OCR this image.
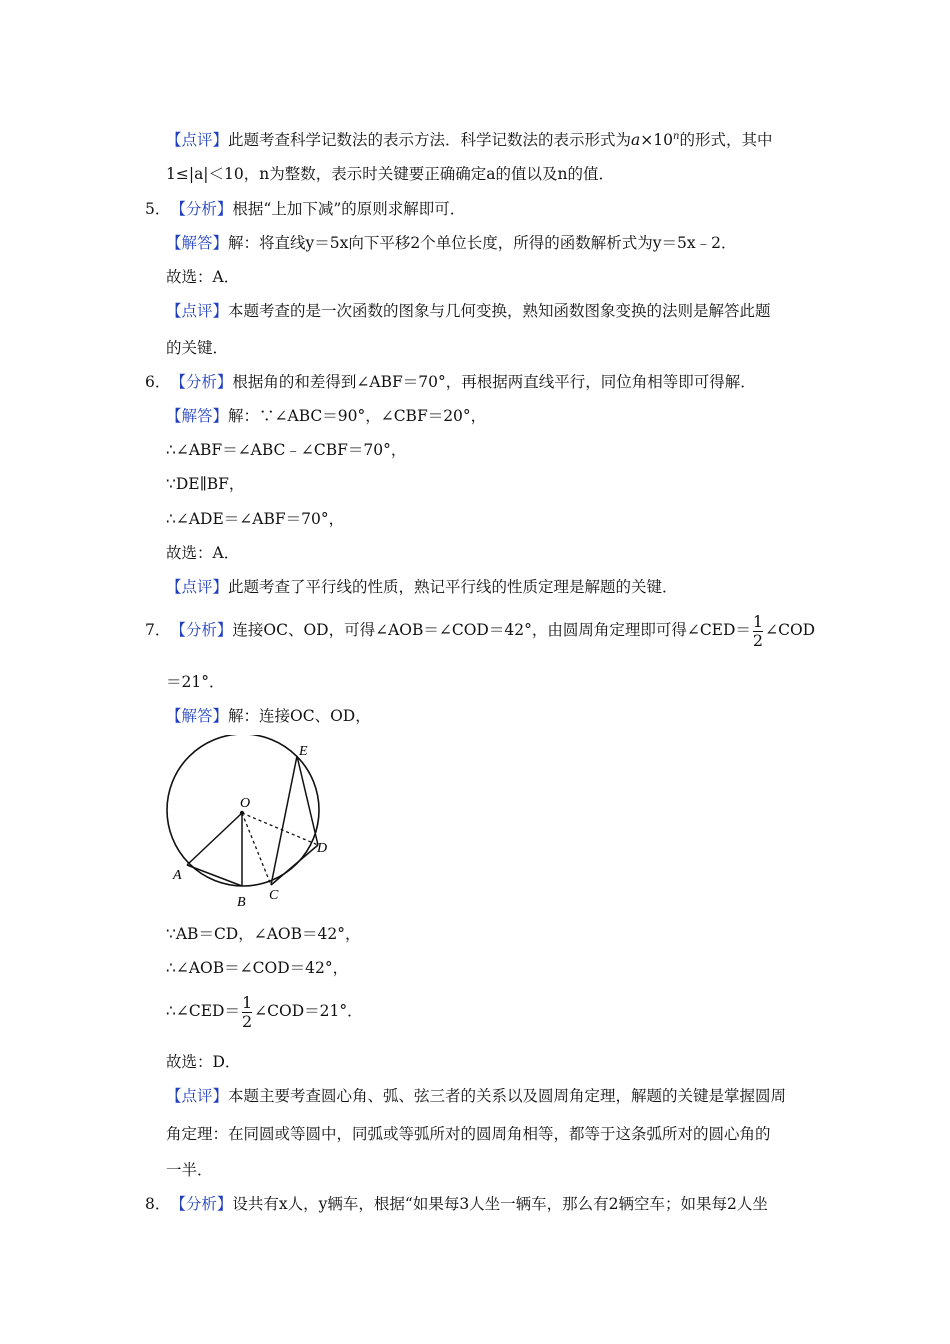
【点评】此题考查科学记数法的表示方法．科学记数法的表示形式为$a\times 10^n$的形式，其中
1≤|a|＜10，n为整数，表示时关键要正确确定a的值以及n的值．
5．【分析】根据“上加下减”的原则求解即可．
【解答】解：将直线y＝5x向下平移2个单位长度，所得的函数解析式为y＝5x﹣2．
故选：A．
【点评】本题考查的是一次函数的图象与几何变换，熟知函数图象变换的法则是解答此题
的关键．
6．【分析】根据角的和差得到∠ABF＝70°，再根据两直线平行，同位角相等即可得解．
【解答】解：∵∠ABC＝90°，∠CBF＝20°，
∴∠ABF＝∠ABC﹣∠CBF＝70°，
∵DE∥BF，
∴∠ADE＝∠ABF＝70°，
故选：A．
【点评】此题考查了平行线的性质，熟记平行线的性质定理是解题的关键．
7．【分析】连接OC、OD，可得∠AOB＝∠COD＝42°，由圆周角定理即可得∠CED＝ $\frac{1}{2}$ ∠COD
＝21°．
【解答】解：连接OC、OD，
O
E
D
A
B C
∵AB＝CD，∠AOB＝42°，
∴∠AOB＝∠COD＝42°，
∴∠CED＝ $\frac{1}{2}$ ∠COD＝21°．
故选：D．
【点评】本题主要考查圆心角、弧、弦三者的关系以及圆周角定理，解题的关键是掌握圆周
角定理：在同圆或等圆中，同弧或等弧所对的圆周角相等，都等于这条弧所对的圆心角的
一半．
8．【分析】设共有x人，y辆车，根据“如果每3人坐一辆车，那么有2辆空车；如果每2人坐
